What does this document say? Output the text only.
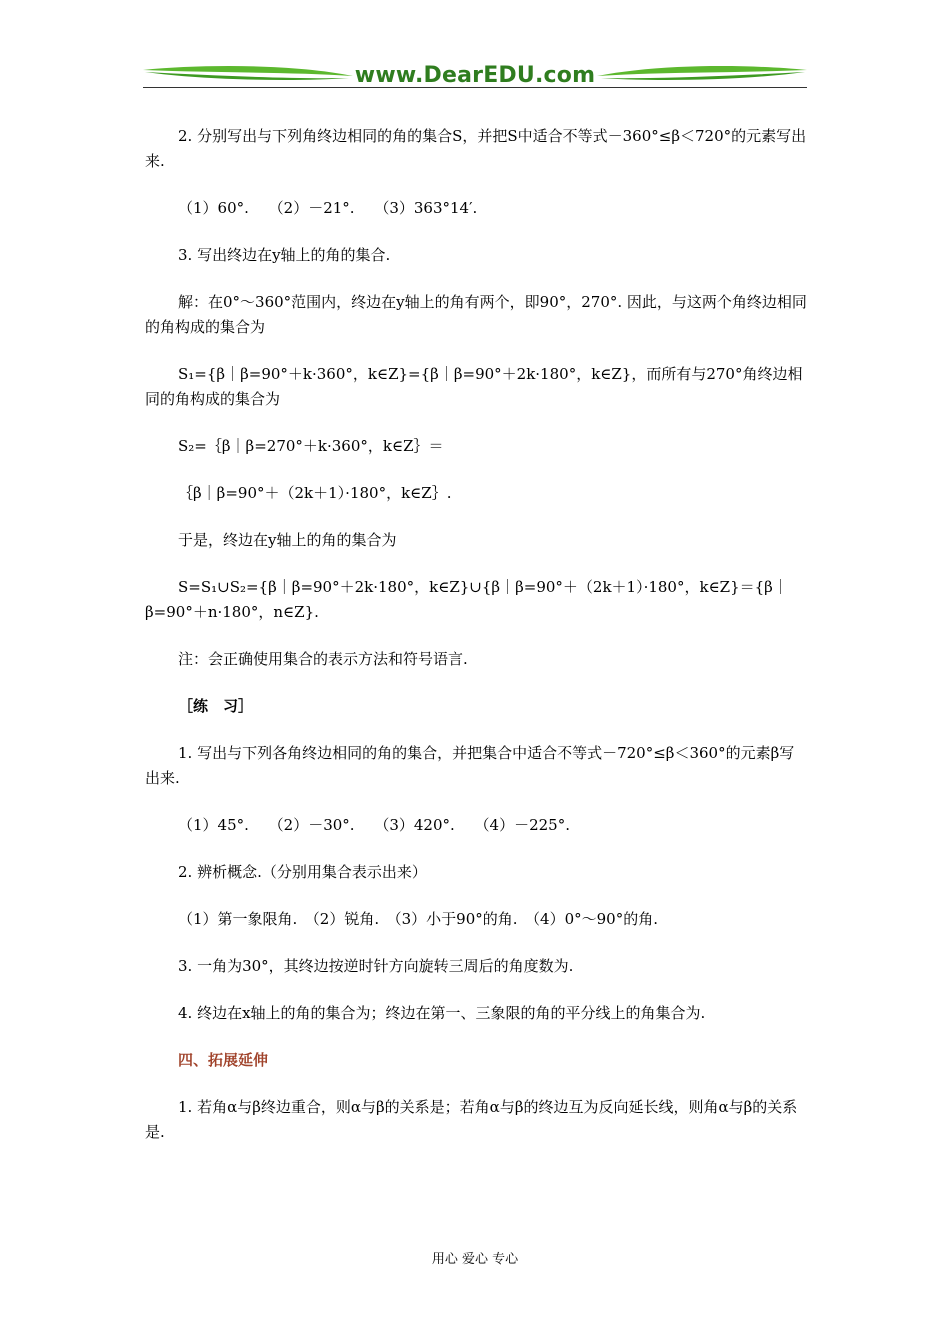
www.DearEDU.com

2. 分别写出与下列角终边相同的角的集合S，并把S中适合不等式－360°≤β＜720°的元素写出来.

（1）60°.　 （2）－21°.　 （3）363°14′.

3. 写出终边在y轴上的角的集合.

解：在0°～360°范围内，终边在y轴上的角有两个，即90°，270°. 因此，与这两个角终边相同的角构成的集合为

S₁={β｜β=90°＋k·360°，k∈Z}={β｜β=90°＋2k·180°，k∈Z}，而所有与270°角终边相同的角构成的集合为

S₂=｛β｜β=270°＋k·360°，k∈Z｝＝

｛β｜β=90°＋（2k＋1）·180°，k∈Z｝.

于是，终边在y轴上的角的集合为

S=S₁∪S₂={β｜β=90°＋2k·180°，k∈Z}∪{β｜β=90°＋（2k＋1）·180°，k∈Z}＝{β｜β=90°＋n·180°，n∈Z}.

注：会正确使用集合的表示方法和符号语言.

［练　习］

1. 写出与下列各角终边相同的角的集合，并把集合中适合不等式－720°≤β＜360°的元素β写出来.

（1）45°.　 （2）－30°.　 （3）420°.　 （4）－225°.

2. 辨析概念.（分别用集合表示出来）

（1）第一象限角.　（2）锐角.　（3）小于90°的角.　（4）0°～90°的角.

3. 一角为30°，其终边按逆时针方向旋转三周后的角度数为.

4. 终边在x轴上的角的集合为；终边在第一、三象限的角的平分线上的角集合为.

四、拓展延伸

1. 若角α与β终边重合，则α与β的关系是；若角α与β的终边互为反向延长线，则角α与β的关系是.

用心 爱心 专心
